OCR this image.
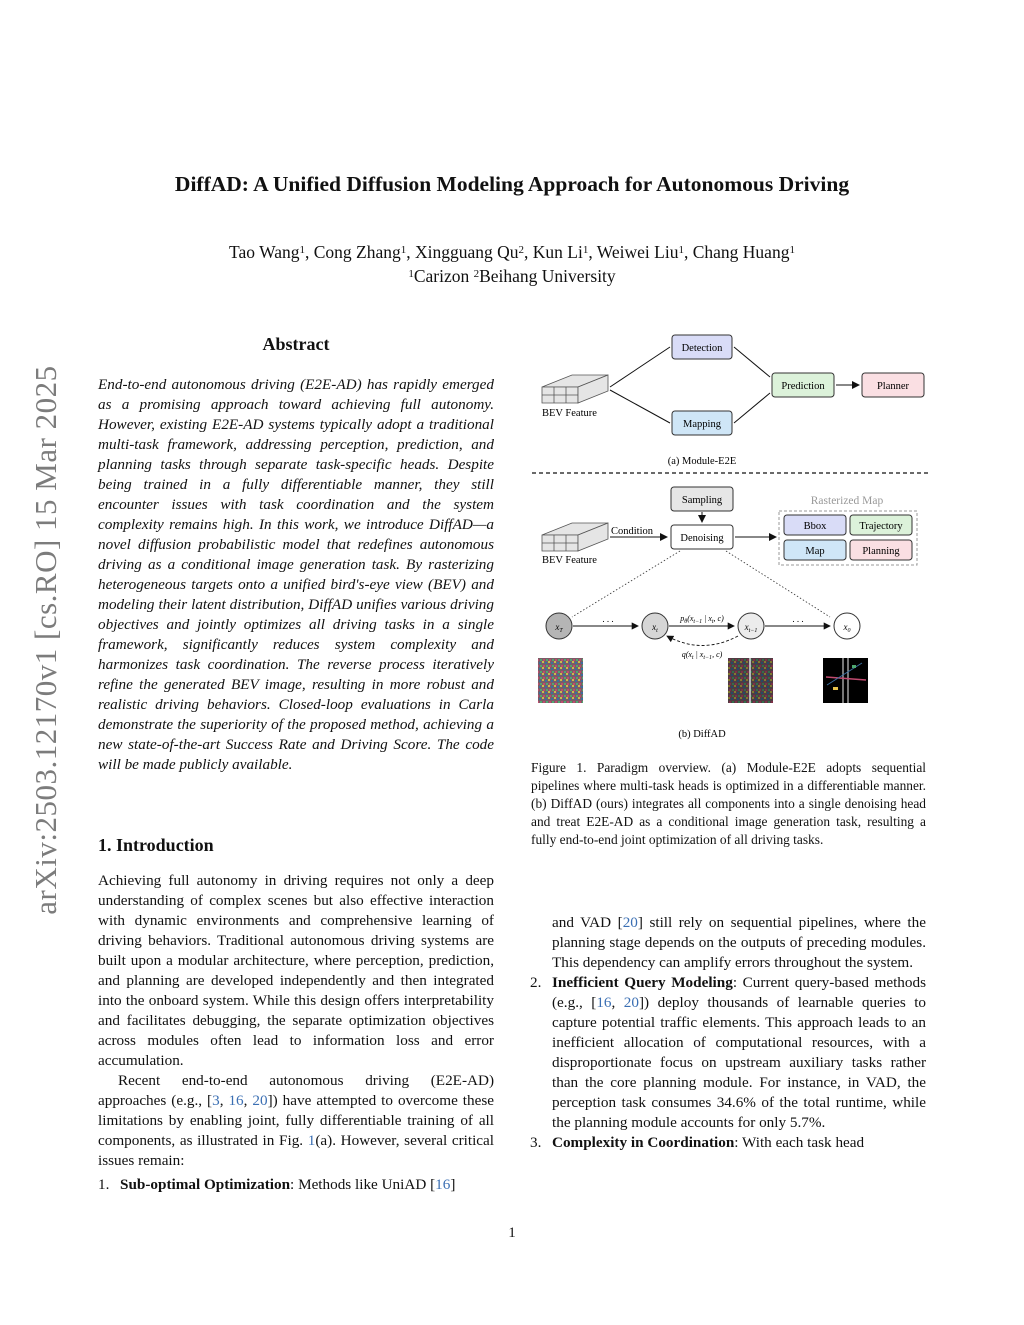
arXiv:2503.12170v1 [cs.RO] 15 Mar 2025
DiffAD: A Unified Diffusion Modeling Approach for Autonomous Driving
Tao Wang$^1$, Cong Zhang$^1$, Xingguang Qu$^2$, Kun Li$^1$, Weiwei Liu$^1$, Chang Huang$^1$
$^1$Carizon $^2$Beihang University
Abstract
End-to-end autonomous driving (E2E-AD) has rapidly emerged as a promising approach toward achieving full autonomy. However, existing E2E-AD systems typically adopt a traditional multi-task framework, addressing perception, prediction, and planning tasks through separate task-specific heads. Despite being trained in a fully differentiable manner, they still encounter issues with task coordination and the system complexity remains high. In this work, we introduce DiffAD—a novel diffusion probabilistic model that redefines autonomous driving as a conditional image generation task. By rasterizing heterogeneous targets onto a unified bird's-eye view (BEV) and modeling their latent distribution, DiffAD unifies various driving objectives and jointly optimizes all driving tasks in a single framework, significantly reduces system complexity and harmonizes task coordination. The reverse process iteratively refine the generated BEV image, resulting in more robust and realistic driving behaviors. Closed-loop evaluations in Carla demonstrate the superiority of the proposed method, achieving a new state-of-the-art Success Rate and Driving Score. The code will be made publicly available.
1. Introduction

Achieving full autonomy in driving requires not only a deep understanding of complex scenes but also effective interaction with dynamic environments and comprehensive learning of driving behaviors. Traditional autonomous driving systems are built upon a modular architecture, where perception, prediction, and planning are developed independently and then integrated into the onboard system. While this design offers interpretability and facilitates debugging, the separate optimization objectives across modules often lead to information loss and error accumulation.

Recent end-to-end autonomous driving (E2E-AD) approaches (e.g., [3, 16, 20]) have attempted to overcome these limitations by enabling joint, fully differentiable training of all components, as illustrated in Fig. 1(a). However, several critical issues remain:

1. Sub-optimal Optimization: Methods like UniAD [16]
and VAD [20] still rely on sequential pipelines, where the planning stage depends on the outputs of preceding modules. This dependency can amplify errors throughout the system.
2. Inefficient Query Modeling: Current query-based methods (e.g., [16, 20]) deploy thousands of learnable queries to capture potential traffic elements. This approach leads to an inefficient allocation of computational resources, with a disproportionate focus on upstream auxiliary tasks rather than the core planning module. For instance, in VAD, the perception task consumes 34.6% of the total runtime, while the planning module accounts for only 5.7%.
3. Complexity in Coordination: With each task head
BEV Feature
Detection
Mapping
Prediction	Planner
(a) Module-E2E
BEV Feature
Condition
Sampling
Denoising
Rasterized Map
Bbox	Trajectory
Map	Planning
$x_T$
. . .
$x_t$
$p_\theta(x_{t-1}$ | $x_t$, c)
$x_{t-1}$
. . .
$x_0$
$q(x_t$ | $x_{t-1}$, c)
(b) DiffAD
Figure 1. Paradigm overview. (a) Module-E2E adopts sequential pipelines where multi-task heads is optimized in a differentiable manner. (b) DiffAD (ours) integrates all components into a single denoising head and treat E2E-AD as a conditional image generation task, resulting a fully end-to-end joint optimization of all driving tasks.
1
